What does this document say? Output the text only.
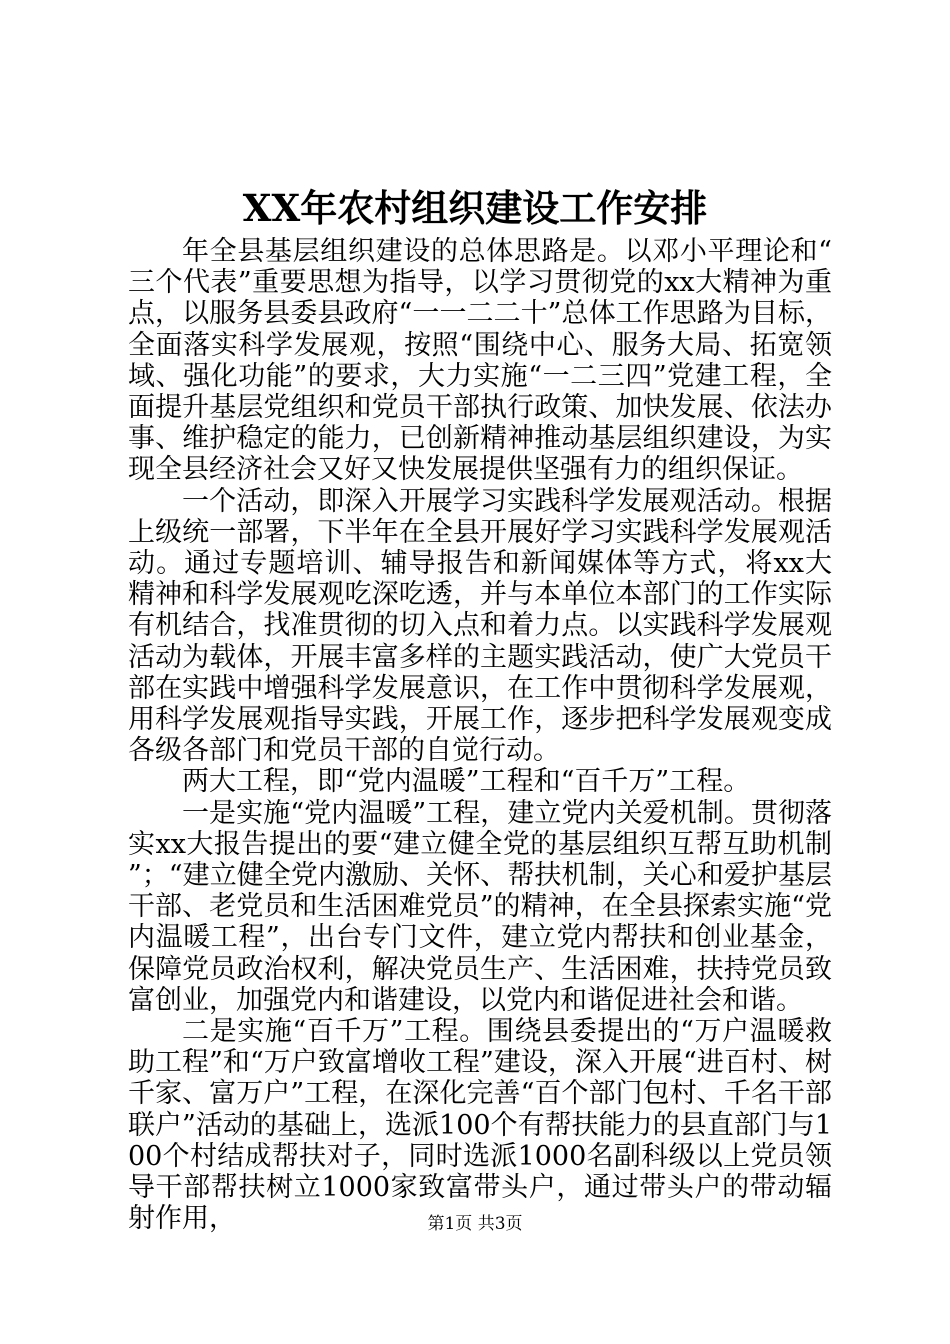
XX年农村组织建设工作安排

年全县基层组织建设的总体思路是。以邓小平理论和“三个代表”重要思想为指导，以学习贯彻党的xx大精神为重点，以服务县委县政府“一一二二十”总体工作思路为目标，全面落实科学发展观，按照“围绕中心、服务大局、拓宽领域、强化功能”的要求，大力实施“一二三四”党建工程，全面提升基层党组织和党员干部执行政策、加快发展、依法办事、维护稳定的能力，已创新精神推动基层组织建设，为实现全县经济社会又好又快发展提供坚强有力的组织保证。

一个活动，即深入开展学习实践科学发展观活动。根据上级统一部署，下半年在全县开展好学习实践科学发展观活动。通过专题培训、辅导报告和新闻媒体等方式，将xx大精神和科学发展观吃深吃透，并与本单位本部门的工作实际有机结合，找准贯彻的切入点和着力点。以实践科学发展观活动为载体，开展丰富多样的主题实践活动，使广大党员干部在实践中增强科学发展意识，在工作中贯彻科学发展观，用科学发展观指导实践，开展工作，逐步把科学发展观变成各级各部门和党员干部的自觉行动。

两大工程，即“党内温暖”工程和“百千万”工程。

一是实施“党内温暖”工程，建立党内关爱机制。贯彻落实xx大报告提出的要“建立健全党的基层组织互帮互助机制”；“建立健全党内激励、关怀、帮扶机制，关心和爱护基层干部、老党员和生活困难党员”的精神，在全县探索实施“党内温暖工程”，出台专门文件，建立党内帮扶和创业基金，保障党员政治权利，解决党员生产、生活困难，扶持党员致富创业，加强党内和谐建设，以党内和谐促进社会和谐。

二是实施“百千万”工程。围绕县委提出的“万户温暖救助工程”和“万户致富增收工程”建设，深入开展“进百村、树千家、富万户”工程，在深化完善“百个部门包村、千名干部联户”活动的基础上，选派100个有帮扶能力的县直部门与100个村结成帮扶对子，同时选派1000名副科级以上党员领导干部帮扶树立1000家致富带头户，通过带头户的带动辐射作用，	第1页 共3页
